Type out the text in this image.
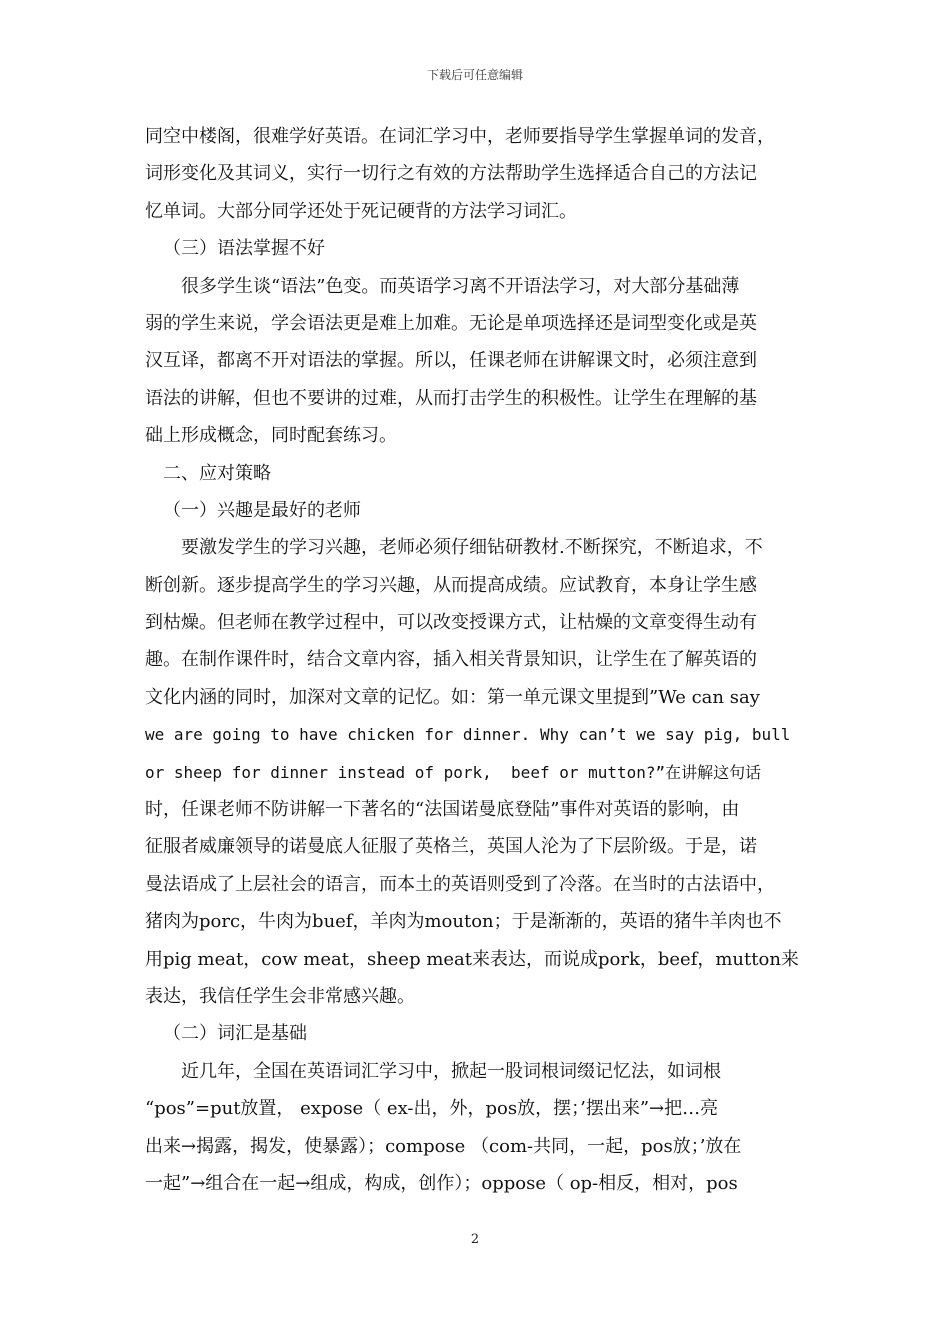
下载后可任意编辑
同空中楼阁，很难学好英语。在词汇学习中，老师要指导学生掌握单词的发音，
词形变化及其词义，实行一切行之有效的方法帮助学生选择适合自己的方法记
忆单词。大部分同学还处于死记硬背的方法学习词汇。
（三）语法掌握不好
很多学生谈“语法”色变。而英语学习离不开语法学习，对大部分基础薄
弱的学生来说，学会语法更是难上加难。无论是单项选择还是词型变化或是英
汉互译，都离不开对语法的掌握。所以，任课老师在讲解课文时，必须注意到
语法的讲解，但也不要讲的过难，从而打击学生的积极性。让学生在理解的基
础上形成概念，同时配套练习。
二、应对策略
（一）兴趣是最好的老师
要激发学生的学习兴趣，老师必须仔细钻研教材.不断探究，不断追求，不
断创新。逐步提高学生的学习兴趣，从而提高成绩。应试教育，本身让学生感
到枯燥。但老师在教学过程中，可以改变授课方式，让枯燥的文章变得生动有
趣。在制作课件时，结合文章内容，插入相关背景知识，让学生在了解英语的
文化内涵的同时，加深对文章的记忆。如：第一单元课文里提到”We can say
we are going to have chicken for dinner. Why can’t we say pig, bull
or sheep for dinner instead of pork,  beef or mutton?”在讲解这句话
时，任课老师不防讲解一下著名的“法国诺曼底登陆”事件对英语的影响，由
征服者威廉领导的诺曼底人征服了英格兰，英国人沦为了下层阶级。于是，诺
曼法语成了上层社会的语言，而本土的英语则受到了冷落。在当时的古法语中，
猪肉为porc，牛肉为buef，羊肉为mouton；于是渐渐的，英语的猪牛羊肉也不
用pig meat，cow meat，sheep meat来表达，而说成pork，beef，mutton来
表达，我信任学生会非常感兴趣。
（二）词汇是基础
近几年，全国在英语词汇学习中，掀起一股词根词缀记忆法，如词根
“pos”=put放置， expose（ ex-出，外，pos放，摆；’摆出来”→把…亮
出来→揭露，揭发，使暴露）；compose （com-共同，一起，pos放；’放在
一起”→组合在一起→组成，构成，创作）；oppose（ op-相反，相对，pos
2
